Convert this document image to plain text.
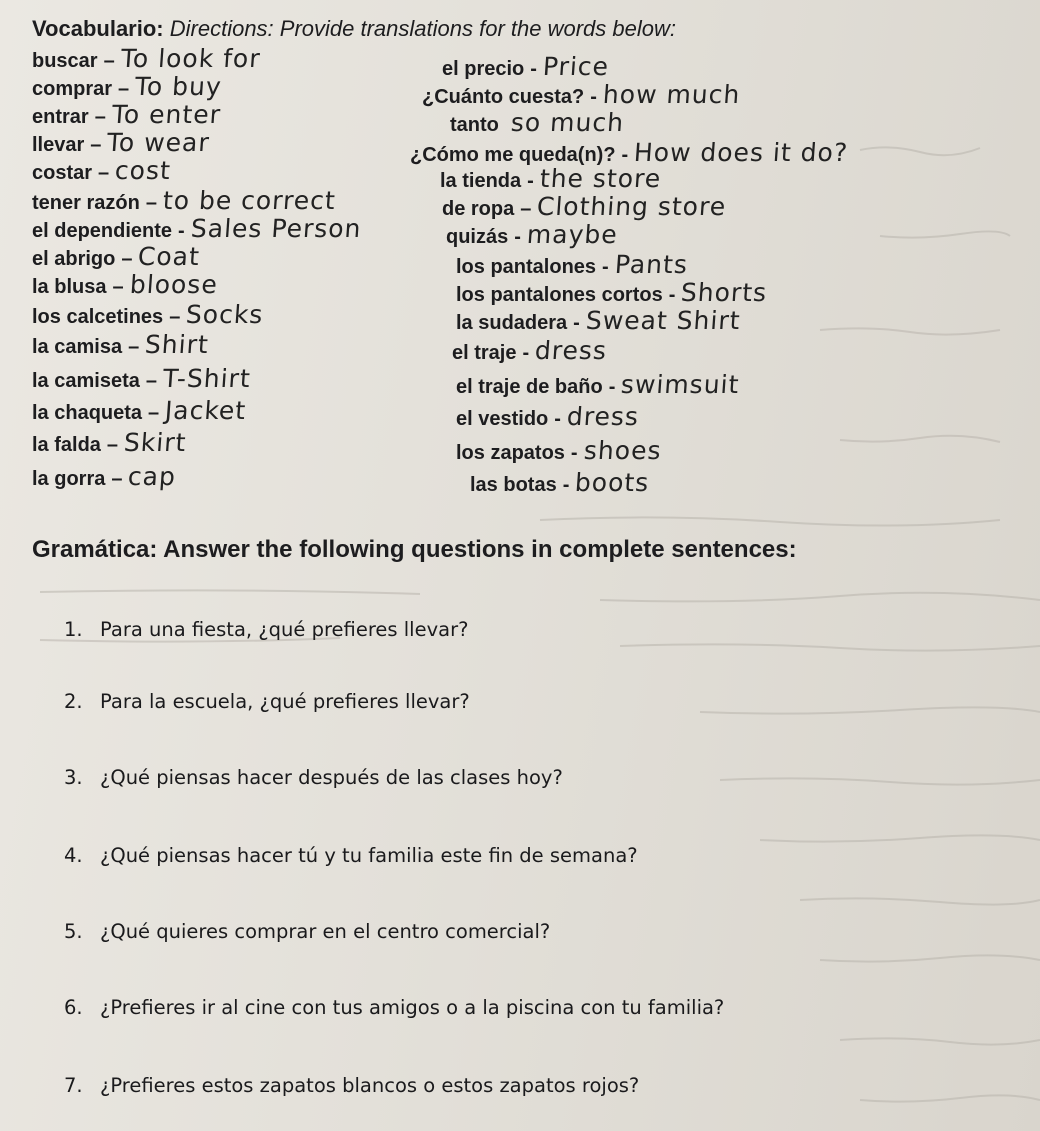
Vocabulario: Directions: Provide translations for the words below:
buscar – To look for
comprar – To buy
entrar – To enter
llevar – To wear
costar – cost
tener razón – to be correct
el dependiente - Sales Person
el abrigo – Coat
la blusa – bloose
los calcetines – Socks
la camisa – Shirt
la camiseta – T-Shirt
la chaqueta – Jacket
la falda – Skirt
la gorra – cap
el precio - Price
¿Cuánto cuesta? - how much
tanto so much
¿Cómo me queda(n)? - How does it do?
la tienda - the store
de ropa – Clothing store
quizás - maybe
los pantalones - Pants
los pantalones cortos - Shorts
la sudadera - Sweat Shirt
el traje - dress
el traje de baño - swimsuit
el vestido - dress
los zapatos - shoes
las botas - boots
Gramática: Answer the following questions in complete sentences:
1. Para una fiesta, ¿qué prefieres llevar?
2. Para la escuela, ¿qué prefieres llevar?
3. ¿Qué piensas hacer después de las clases hoy?
4. ¿Qué piensas hacer tú y tu familia este fin de semana?
5. ¿Qué quieres comprar en el centro comercial?
6. ¿Prefieres ir al cine con tus amigos o a la piscina con tu familia?
7. ¿Prefieres estos zapatos blancos o estos zapatos rojos?
